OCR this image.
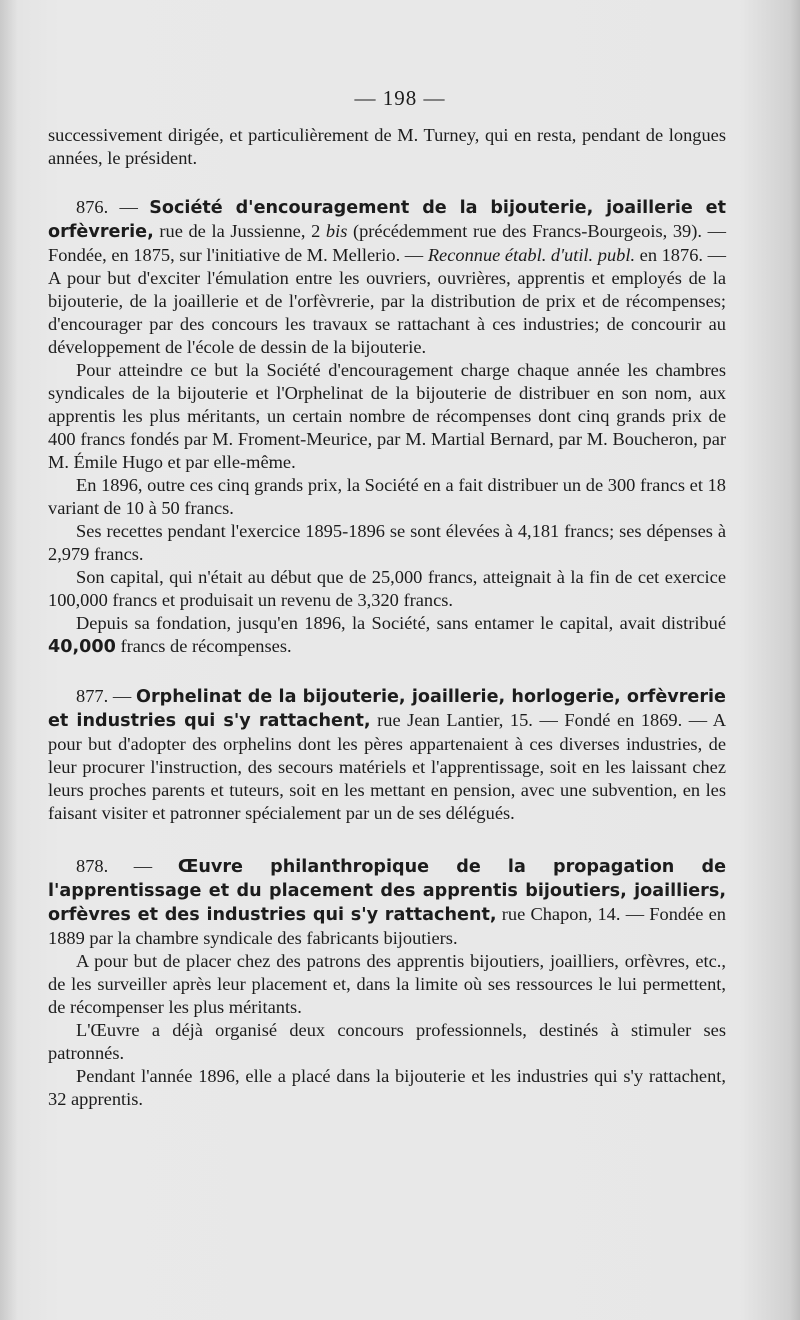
— 198 —

successivement dirigée, et particulièrement de M. Turney, qui en resta, pendant de longues années, le président.

876. — Société d'encouragement de la bijouterie, joaillerie et orfèvrerie, rue de la Jussienne, 2 bis (précédemment rue des Francs-Bourgeois, 39). — Fondée, en 1875, sur l'initiative de M. Mellerio. — Reconnue établ. d'util. publ. en 1876. — A pour but d'exciter l'émulation entre les ouvriers, ouvrières, apprentis et employés de la bijouterie, de la joaillerie et de l'orfèvrerie, par la distribution de prix et de récompenses; d'encourager par des concours les travaux se rattachant à ces industries; de concourir au développement de l'école de dessin de la bijouterie.

Pour atteindre ce but la Société d'encouragement charge chaque année les chambres syndicales de la bijouterie et l'Orphelinat de la bijouterie de distribuer en son nom, aux apprentis les plus méritants, un certain nombre de récompenses dont cinq grands prix de 400 francs fondés par M. Froment-Meurice, par M. Martial Bernard, par M. Boucheron, par M. Émile Hugo et par elle-même.

En 1896, outre ces cinq grands prix, la Société en a fait distribuer un de 300 francs et 18 variant de 10 à 50 francs.

Ses recettes pendant l'exercice 1895-1896 se sont élevées à 4,181 francs; ses dépenses à 2,979 francs.

Son capital, qui n'était au début que de 25,000 francs, atteignait à la fin de cet exercice 100,000 francs et produisait un revenu de 3,320 francs.

Depuis sa fondation, jusqu'en 1896, la Société, sans entamer le capital, avait distribué 40,000 francs de récompenses.

877. — Orphelinat de la bijouterie, joaillerie, horlogerie, orfèvrerie et industries qui s'y rattachent, rue Jean Lantier, 15. — Fondé en 1869. — A pour but d'adopter des orphelins dont les pères appartenaient à ces diverses industries, de leur procurer l'instruction, des secours matériels et l'apprentissage, soit en les laissant chez leurs proches parents et tuteurs, soit en les mettant en pension, avec une subvention, en les faisant visiter et patronner spécialement par un de ses délégués.

878. — Œuvre philanthropique de la propagation de l'apprentissage et du placement des apprentis bijoutiers, joailliers, orfèvres et des industries qui s'y rattachent, rue Chapon, 14. — Fondée en 1889 par la chambre syndicale des fabricants bijoutiers.

A pour but de placer chez des patrons des apprentis bijoutiers, joailliers, orfèvres, etc., de les surveiller après leur placement et, dans la limite où ses ressources le lui permettent, de récompenser les plus méritants.

L'Œuvre a déjà organisé deux concours professionnels, destinés à stimuler ses patronnés.

Pendant l'année 1896, elle a placé dans la bijouterie et les industries qui s'y rattachent, 32 apprentis.
